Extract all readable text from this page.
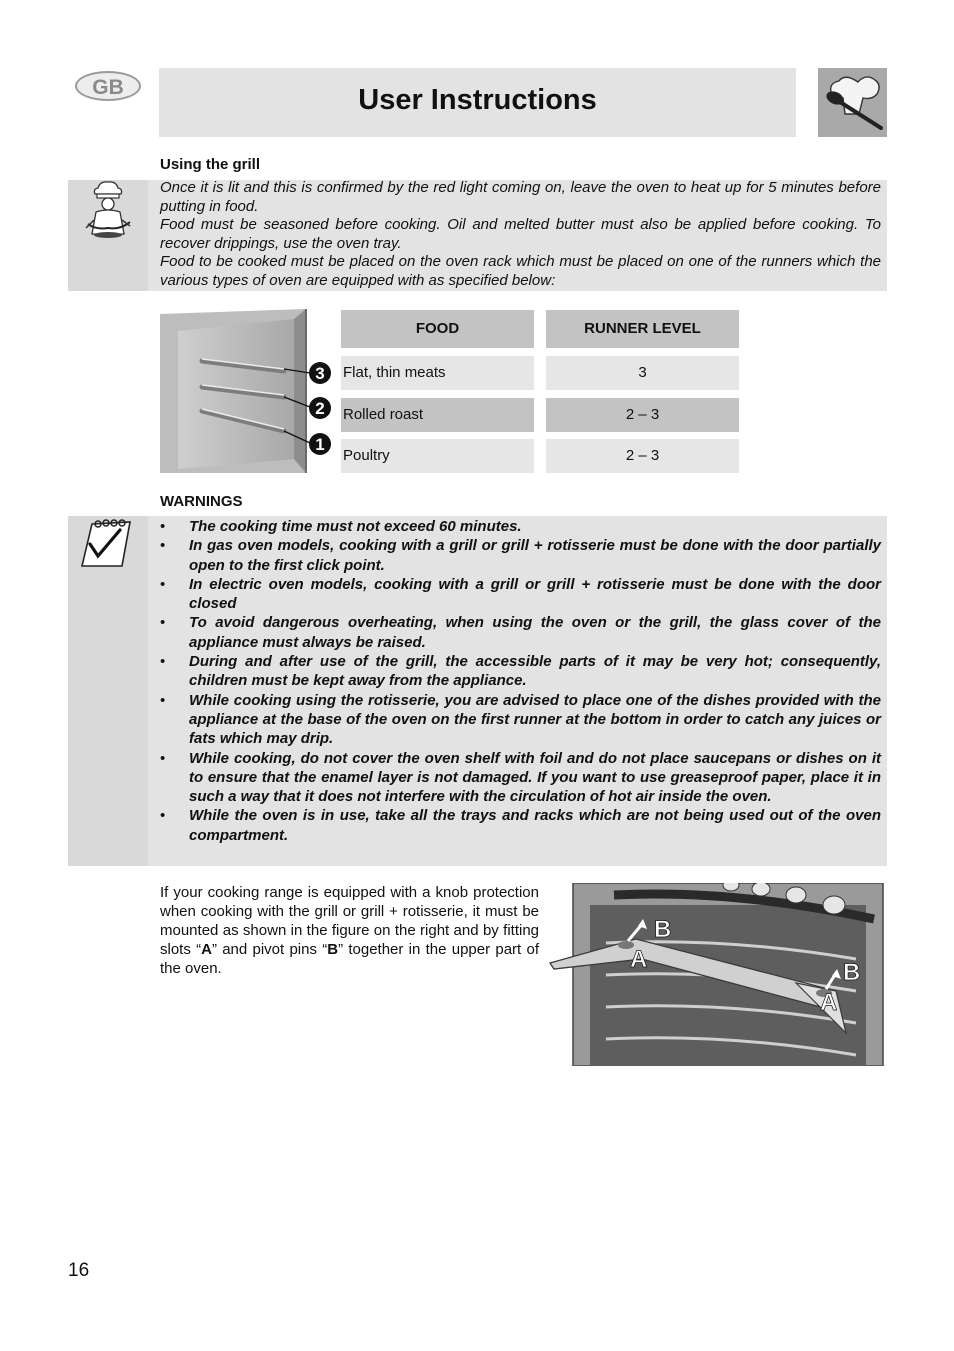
GB	User Instructions
Using the grill

Once it is lit and this is confirmed by the red light coming on, leave the oven to heat up for 5 minutes before putting in food.

Food must be seasoned before cooking. Oil and melted butter must also be applied before cooking. To recover drippings, use the oven tray.

Food to be cooked must be placed on the oven rack which must be placed on one of the runners which the various types of oven are equipped with as specified below:

3
2
1
FOOD	RUNNER LEVEL
Flat, thin meats	3
Rolled roast	2 – 3
Poultry	2 – 3
WARNINGS
• The cooking time must not exceed 60 minutes.
• In gas oven models, cooking with a grill or grill + rotisserie must be done with the door partially open to the first click point.
• In electric oven models, cooking with a grill or grill + rotisserie must be done with the door closed
• To avoid dangerous overheating, when using the oven or the grill, the glass cover of the appliance must always be raised.
• During and after use of the grill, the accessible parts of it may be very hot; consequently, children must be kept away from the appliance.
• While cooking using the rotisserie, you are advised to place one of the dishes provided with the appliance at the base of the oven on the first runner at the bottom in order to catch any juices or fats which may drip.
• While cooking, do not cover the oven shelf with foil and do not place saucepans or dishes on it to ensure that the enamel layer is not damaged. If you want to use greaseproof paper, place it in such a way that it does not interfere with the circulation of hot air inside the oven.
• While the oven is in use, take all the trays and racks which are not being used out of the oven compartment.
If your cooking range is equipped with a knob protection when cooking with the grill or grill + rotisserie, it must be mounted as shown in the figure on the right and by fitting slots “A” and pivot pins “B” together in the upper part of the oven.
B
A	B
A
16
